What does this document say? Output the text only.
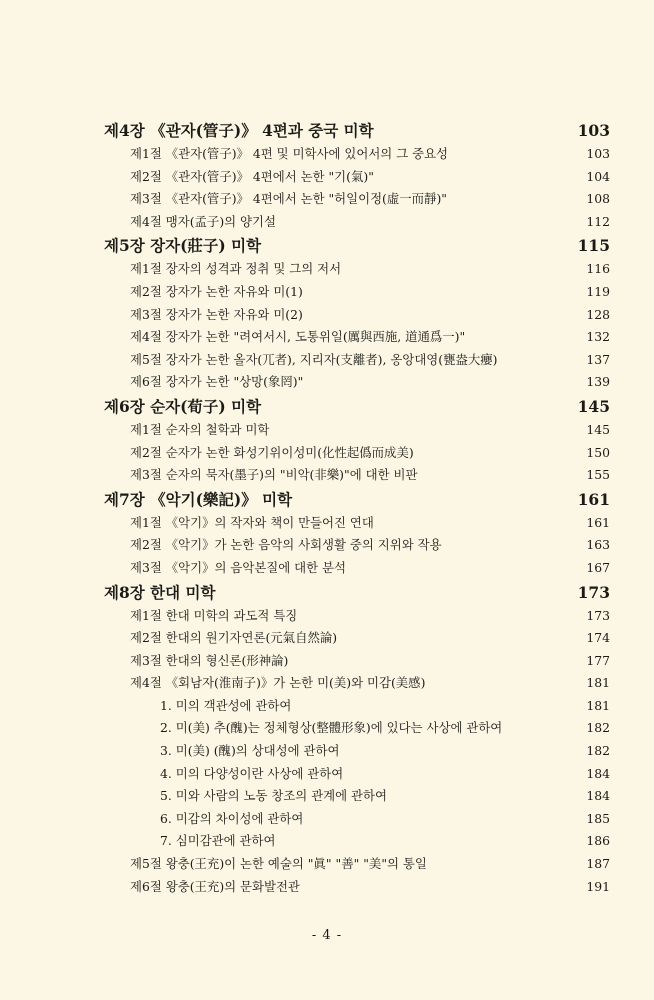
제4장 《관자(管子)》 4편과 중국 미학	103
제1절 《관자(管子)》 4편 및 미학사에 있어서의 그 중요성	103
제2절 《관자(管子)》 4편에서 논한 "기(氣)"	104
제3절 《관자(管子)》 4편에서 논한 "허일이정(虛一而靜)"	108
제4절 맹자(孟子)의 양기설	112
제5장 장자(莊子) 미학	115
제1절 장자의 성격과 정취 및 그의 저서	116
제2절 장자가 논한 자유와 미(1)	119
제3절 장자가 논한 자유와 미(2)	128
제4절 장자가 논한 "려여서시, 도통위일(厲與西施, 道通爲一)"	132
제5절 장자가 논한 올자(兀者), 지리자(支離者), 옹앙대영(甕盎大癭)	137
제6절 장자가 논한 "상망(象罔)"	139
제6장 순자(荀子) 미학	145
제1절 순자의 철학과 미학	145
제2절 순자가 논한 화성기위이성미(化性起僞而成美)	150
제3절 순자의 묵자(墨子)의 "비악(非樂)"에 대한 비판	155
제7장 《악기(樂記)》 미학	161
제1절 《악기》의 작자와 책이 만들어진 연대	161
제2절 《악기》가 논한 음악의 사회생활 중의 지위와 작용	163
제3절 《악기》의 음악본질에 대한 분석	167
제8장 한대 미학	173
제1절 한대 미학의 과도적 특징	173
제2절 한대의 원기자연론(元氣自然論)	174
제3절 한대의 형신론(形神論)	177
제4절 《회남자(淮南子)》가 논한 미(美)와 미감(美感)	181
1. 미의 객관성에 관하여	181
2. 미(美) 추(醜)는 정체형상(整體形象)에 있다는 사상에 관하여	182
3. 미(美) (醜)의 상대성에 관하여	182
4. 미의 다양성이란 사상에 관하여	184
5. 미와 사람의 노동 창조의 관계에 관하여	184
6. 미감의 차이성에 관하여	185
7. 심미감관에 관하여	186
제5절 왕충(王充)이 논한 예술의 "眞" "善" "美"의 통일	187
제6절 왕충(王充)의 문화발전관	191
- 4 -
